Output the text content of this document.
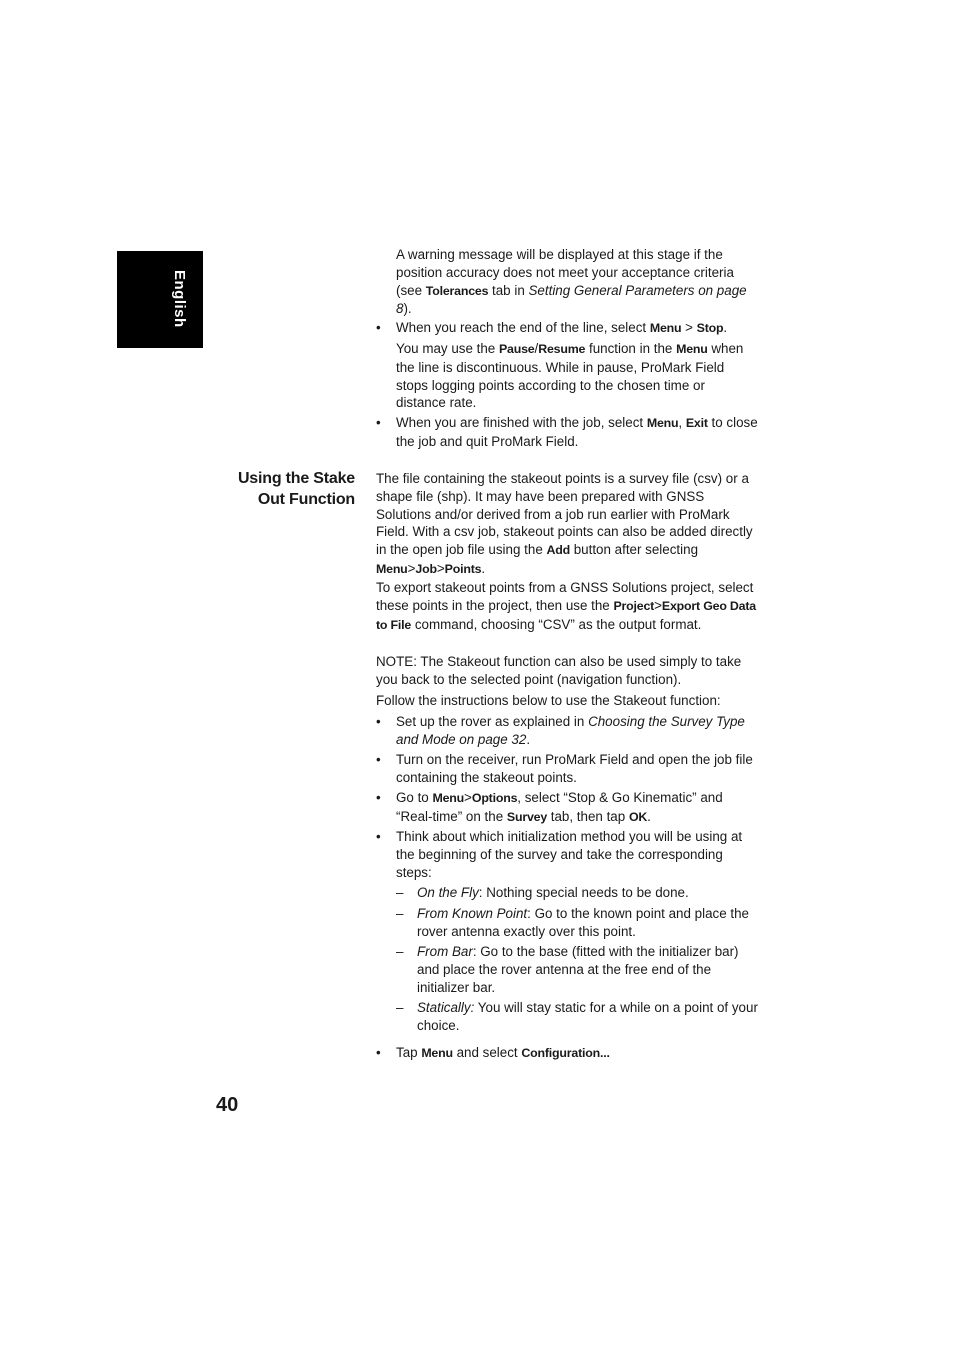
English

A warning message will be displayed at this stage if the position accuracy does not meet your acceptance criteria (see Tolerances tab in Setting General Parameters on page 8).

• When you reach the end of the line, select Menu > Stop.

You may use the Pause/Resume function in the Menu when the line is discontinuous. While in pause, ProMark Field stops logging points according to the chosen time or distance rate.

• When you are finished with the job, select Menu, Exit to close the job and quit ProMark Field.

Using the Stake
Out Function

The file containing the stakeout points is a survey file (csv) or a shape file (shp). It may have been prepared with GNSS Solutions and/or derived from a job run earlier with ProMark Field. With a csv job, stakeout points can also be added directly in the open job file using the Add button after selecting Menu>Job>Points.

To export stakeout points from a GNSS Solutions project, select these points in the project, then use the Project>Export Geo Data to File command, choosing “CSV” as the output format.

NOTE: The Stakeout function can also be used simply to take you back to the selected point (navigation function).

Follow the instructions below to use the Stakeout function:

• Set up the rover as explained in Choosing the Survey Type and Mode on page 32.

• Turn on the receiver, run ProMark Field and open the job file containing the stakeout points.

• Go to Menu>Options, select “Stop & Go Kinematic” and “Real-time” on the Survey tab, then tap OK.

• Think about which initialization method you will be using at the beginning of the survey and take the corresponding steps:

– On the Fly: Nothing special needs to be done.

– From Known Point: Go to the known point and place the rover antenna exactly over this point.

– From Bar: Go to the base (fitted with the initializer bar) and place the rover antenna at the free end of the initializer bar.

– Statically: You will stay static for a while on a point of your choice.

• Tap Menu and select Configuration...

40
